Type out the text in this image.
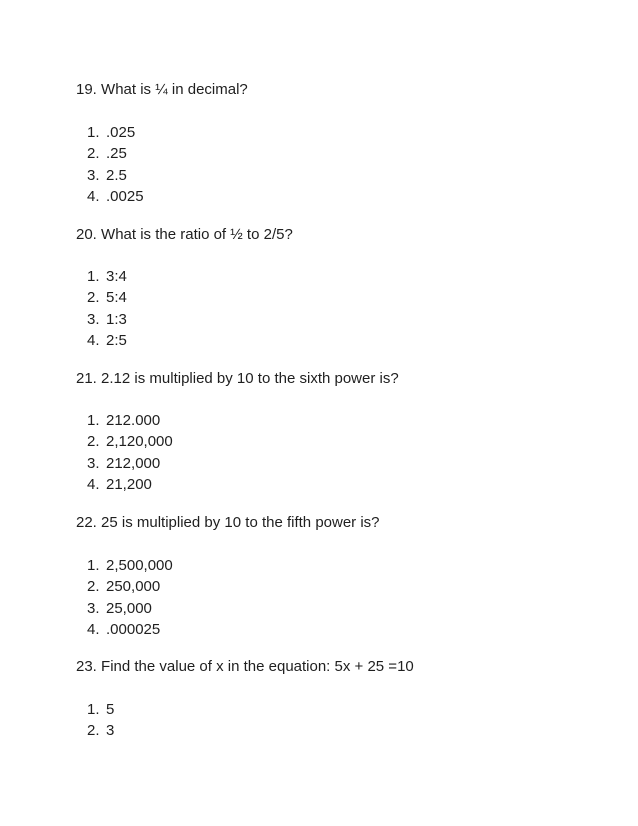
19. What is ¼ in decimal?

1. .025
2. .25
3. 2.5
4. .0025

20. What is the ratio of ½ to 2/5?

1. 3:4
2. 5:4
3. 1:3
4. 2:5

21. 2.12 is multiplied by 10 to the sixth power is?

1. 212.000
2. 2,120,000
3. 212,000
4. 21,200

22. 25 is multiplied by 10 to the fifth power is?

1. 2,500,000
2. 250,000
3. 25,000
4. .000025

23. Find the value of x in the equation: 5x + 25 =10

1. 5
2. 3
